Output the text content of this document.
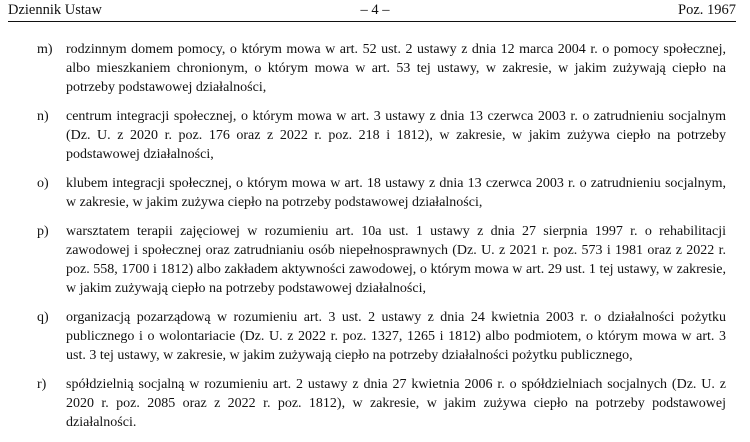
Dziennik Ustaw	– 4 –	Poz. 1967
m) rodzinnym domem pomocy, o którym mowa w art. 52 ust. 2 ustawy z dnia 12 marca 2004 r. o pomocy społecznej, albo mieszkaniem chronionym, o którym mowa w art. 53 tej ustawy, w zakresie, w jakim zużywają ciepło na potrzeby podstawowej działalności,
n)	centrum integracji społecznej, o którym mowa w art. 3 ustawy z dnia 13 czerwca 2003 r. o zatrudnieniu socjalnym (Dz. U. z 2020 r. poz. 176 oraz z 2022 r. poz. 218 i 1812), w zakresie, w jakim zużywa ciepło na potrzeby podstawowej działalności,
o)	klubem integracji społecznej, o którym mowa w art. 18 ustawy z dnia 13 czerwca 2003 r. o zatrudnieniu socjalnym, w zakresie, w jakim zużywa ciepło na potrzeby podstawowej działalności,
p)	warsztatem terapii zajęciowej w rozumieniu art. 10a ust. 1 ustawy z dnia 27 sierpnia 1997 r. o rehabilitacji zawodowej i społecznej oraz zatrudnianiu osób niepełnosprawnych (Dz. U. z 2021 r. poz. 573 i 1981 oraz z 2022 r. poz. 558, 1700 i 1812) albo zakładem aktywności zawodowej, o którym mowa w art. 29 ust. 1 tej ustawy, w zakresie, w jakim zużywają ciepło na potrzeby podstawowej działalności,
q)	organizacją pozarządową w rozumieniu art. 3 ust. 2 ustawy z dnia 24 kwietnia 2003 r. o działalności pożytku publicznego i o wolontariacie (Dz. U. z 2022 r. poz. 1327, 1265 i 1812) albo podmiotem, o którym mowa w art. 3 ust. 3 tej ustawy, w zakresie, w jakim zużywają ciepło na potrzeby działalności pożytku publicznego,
r)	spółdzielnią socjalną w rozumieniu art. 2 ustawy z dnia 27 kwietnia 2006 r. o spółdzielniach socjalnych (Dz. U. z 2020 r. poz. 2085 oraz z 2022 r. poz. 1812), w zakresie, w jakim zużywa ciepło na potrzeby podstawowej działalności.
